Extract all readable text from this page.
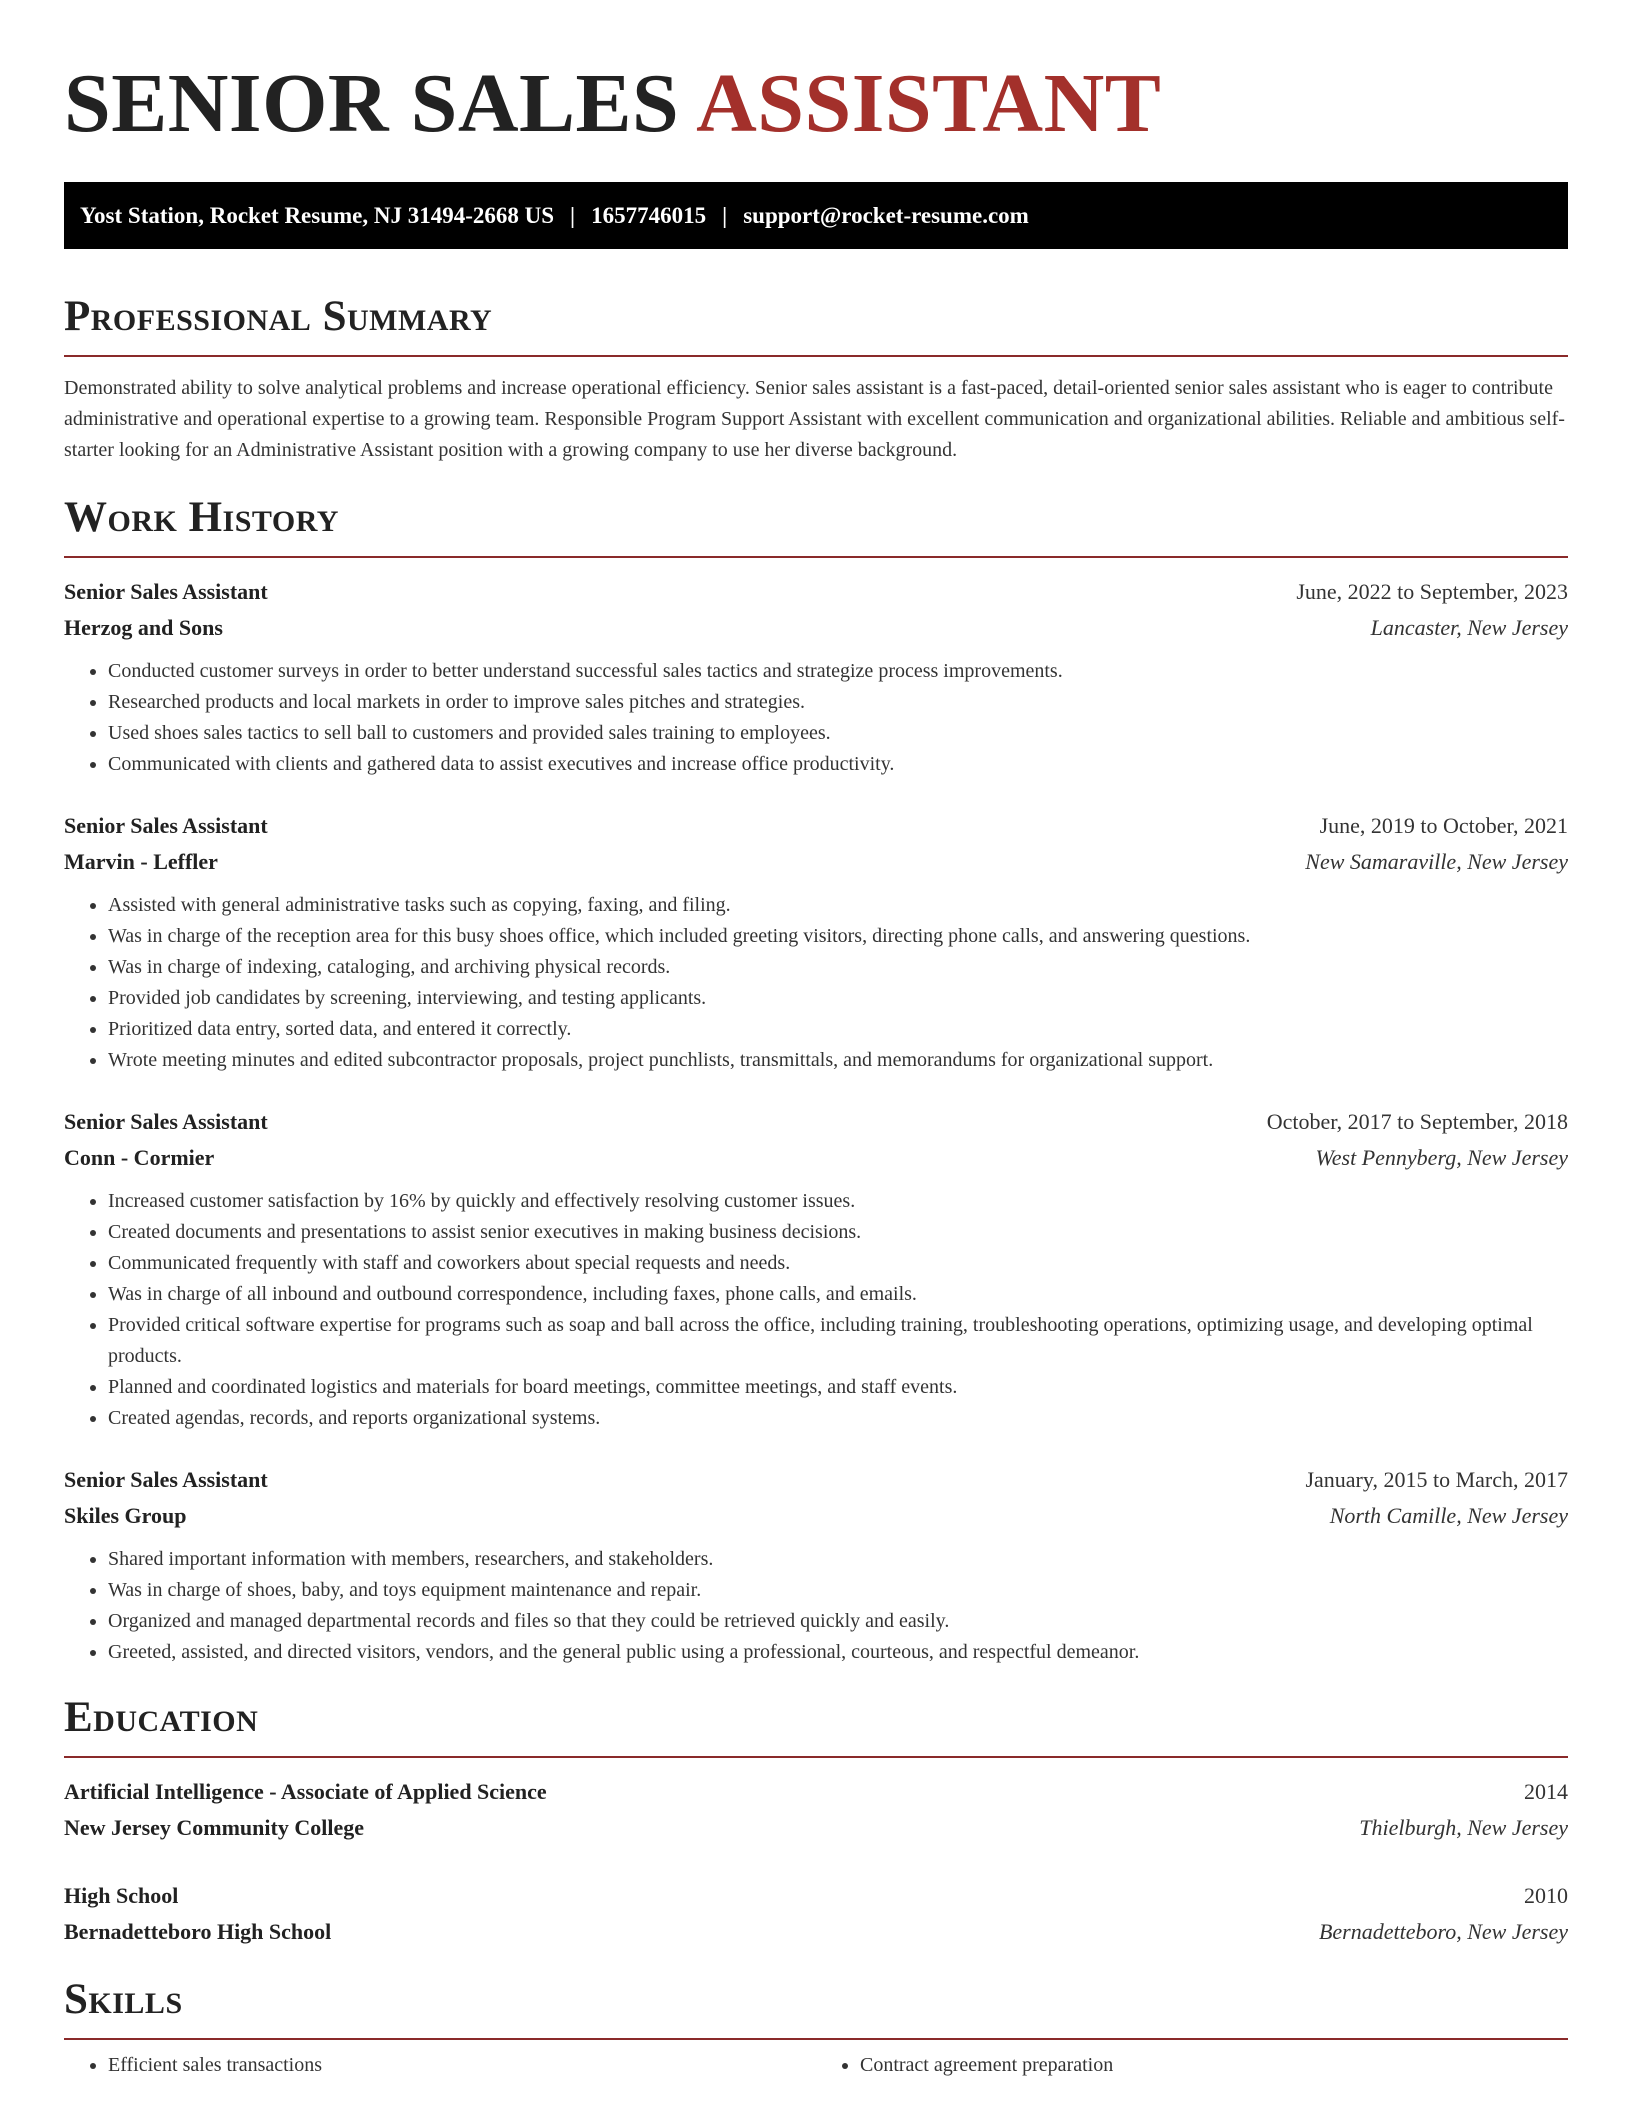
SENIOR SALES ASSISTANT
Yost Station, Rocket Resume, NJ 31494-2668 US | 1657746015 | support@rocket-resume.com
Professional Summary

Demonstrated ability to solve analytical problems and increase operational efficiency. Senior sales assistant is a fast-paced, detail-oriented senior sales assistant who is eager to contribute administrative and operational expertise to a growing team. Responsible Program Support Assistant with excellent communication and organizational abilities. Reliable and ambitious self-starter looking for an Administrative Assistant position with a growing company to use her diverse background.

Work History
Senior Sales Assistant	June, 2022 to September, 2023
Herzog and Sons	Lancaster, New Jersey
• Conducted customer surveys in order to better understand successful sales tactics and strategize process improvements.
• Researched products and local markets in order to improve sales pitches and strategies.
• Used shoes sales tactics to sell ball to customers and provided sales training to employees.
• Communicated with clients and gathered data to assist executives and increase office productivity.
Senior Sales Assistant	June, 2019 to October, 2021
Marvin - Leffler	New Samaraville, New Jersey
• Assisted with general administrative tasks such as copying, faxing, and filing.
• Was in charge of the reception area for this busy shoes office, which included greeting visitors, directing phone calls, and answering questions.
• Was in charge of indexing, cataloging, and archiving physical records.
• Provided job candidates by screening, interviewing, and testing applicants.
• Prioritized data entry, sorted data, and entered it correctly.
• Wrote meeting minutes and edited subcontractor proposals, project punchlists, transmittals, and memorandums for organizational support.
Senior Sales Assistant	October, 2017 to September, 2018
Conn - Cormier	West Pennyberg, New Jersey
• Increased customer satisfaction by 16% by quickly and effectively resolving customer issues.
• Created documents and presentations to assist senior executives in making business decisions.
• Communicated frequently with staff and coworkers about special requests and needs.
• Was in charge of all inbound and outbound correspondence, including faxes, phone calls, and emails.
• Provided critical software expertise for programs such as soap and ball across the office, including training, troubleshooting operations, optimizing usage, and developing optimal products.
• Planned and coordinated logistics and materials for board meetings, committee meetings, and staff events.
• Created agendas, records, and reports organizational systems.
Senior Sales Assistant	January, 2015 to March, 2017
Skiles Group	North Camille, New Jersey
• Shared important information with members, researchers, and stakeholders.
• Was in charge of shoes, baby, and toys equipment maintenance and repair.
• Organized and managed departmental records and files so that they could be retrieved quickly and easily.
• Greeted, assisted, and directed visitors, vendors, and the general public using a professional, courteous, and respectful demeanor.
Education
Artificial Intelligence - Associate of Applied Science	2014
New Jersey Community College	Thielburgh, New Jersey
High School	2010
Bernadetteboro High School	Bernadetteboro, New Jersey
Skills
• Efficient sales transactions
•	Contract agreement preparation
